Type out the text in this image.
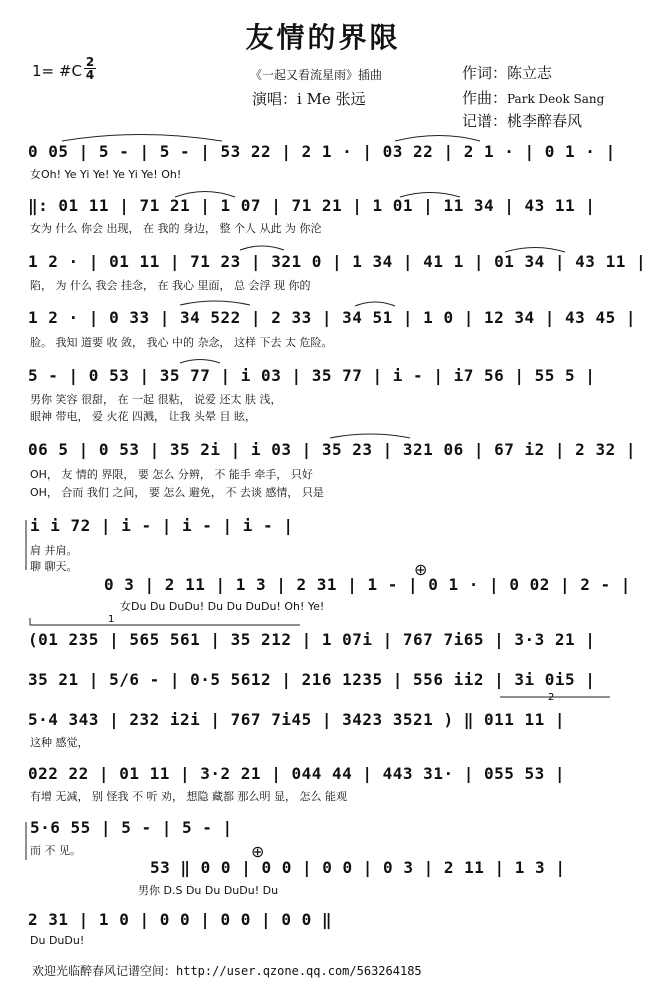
友情的界限
1= #C 2
4	《一起又看流星雨》插曲
演唱：i Me 张远
作词：陈立志
作曲：Park Deok Sang
记谱：桃李醉春风
0 05 | 5 - | 5 - | 53 22 | 2 1 · | 03 22 | 2 1 · | 0 1 · |
女Oh! Ye Yi Ye! Ye Yi Ye! Oh!
‖: 01 11 | 71 21 | 1 07 | 71 21 | 1 01 | 11 34 | 43 11 |
女为 什么 你会 出现， 在 我的 身边， 整 个人 从此 为 你沦
1 2 · | 01 11 | 71 23 | 321 0 | 1 34 | 41 1 | 01 34 | 43 11 |
陷， 为 什么 我会 挂念， 在 我心 里面， 总 会浮 现 你的
1 2 · | 0 33 | 34 522 | 2 33 | 34 51 | 1 0 | 12 34 | 43 45 |
脸。 我知 道要 收 敛， 我心 中的 杂念， 这样 下去 太 危险。
5 - | 0 53 | 35 77 | i 03 | 35 77 | i - | i7 56 | 55 5 |
男你 笑容 很甜， 在 一起 很粘， 说爱 还太 肤 浅，
眼神 带电， 爱 火花 四溅， 让我 头晕 目 眩，
06 5 | 0 53 | 35 2i | i 03 | 35 23 | 321 06 | 67 i2 | 2 32 |
OH， 友 情的 界限， 要 怎么 分辨， 不 能手 牵手， 只好
OH， 合而 我们 之间， 要 怎么 避免， 不 去谈 感情， 只是
i i 72 | i - | i - | i - |
肩 并肩。
聊 聊天。
0 3 | 2 11 | 1 3 | 2 31 | 1 - | 0 1 · | 0 02 | 2 - |
女Du Du DuDu! Du Du DuDu! Oh! Ye!
⊕
(01 235 | 565 561 | 35 212 | 1 07i | 767 7i65 | 3·3 21 |
35 21 | 5/6 - | 0·5 5612 | 216 1235 | 556 ii2 | 3i 0i5 |
5·4 343 | 232 i2i | 767 7i45 | 3423 3521 ) ‖ 011 11 |
这种 感觉，
022 22 | 01 11 | 3·2 21 | 044 44 | 443 31· | 055 53 |
有增 无减， 别 怪我 不 听 劝， 想隐 藏都 那么明 显， 怎么 能观
5·6 55 | 5 - | 5 - |
而 不 见。
53 ‖ 0 0 | 0 0 | 0 0 | 0 3 | 2 11 | 1 3 |
男你 D.S Du Du DuDu! Du
⊕
2 31 | 1 0 | 0 0 | 0 0 | 0 0 ‖
Du DuDu!
1
2
欢迎光临醉春风记谱空间：http://user.qzone.qq.com/563264185
